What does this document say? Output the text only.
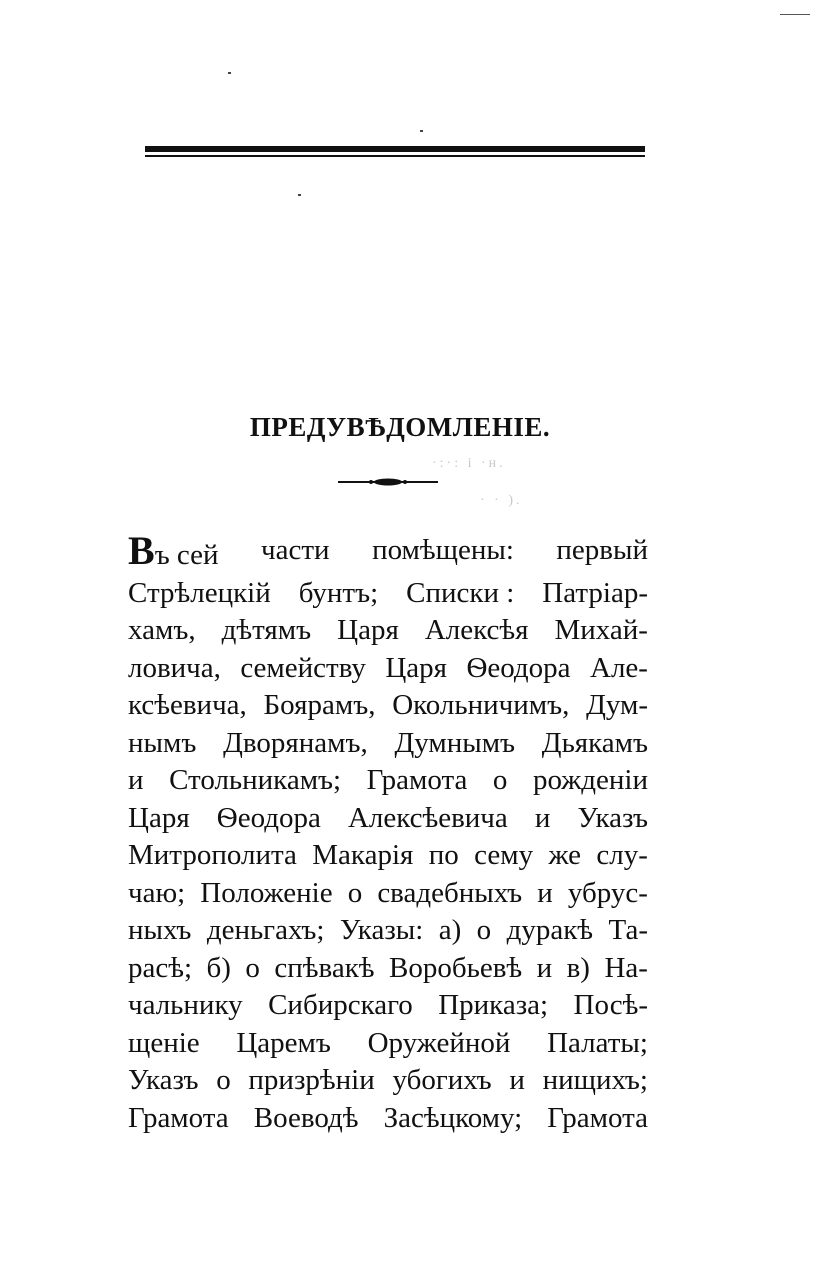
ПРЕДУВѢДОМЛЕНІЕ.
·:·: і ·н.
· · ).
Въ сей части помѣщены: первый
Стрѣлецкій бунтъ; Списки : Патріар-
хамъ, дѣтямъ Царя Алексѣя Михай-
ловича, семейству Царя Ѳеодора Але-
ксѣевича, Боярамъ, Окольничимъ, Дум-
нымъ Дворянамъ, Думнымъ Дьякамъ
и Стольникамъ; Грамота о рожденіи
Царя Ѳеодора Алексѣевича и Указъ
Митрополита Макарія по сему же слу-
чаю; Положеніе о свадебныхъ и убрус-
ныхъ деньгахъ; Указы: а) о дуракѣ Та-
расѣ; б) о спѣвакѣ Воробьевѣ и в) На-
чальнику Сибирскаго Приказа; Посѣ-
щеніе Царемъ Оружейной Палаты;
Указъ о призрѣніи убогихъ и нищихъ;
Грамота Воеводѣ Засѣцкому; Грамота
